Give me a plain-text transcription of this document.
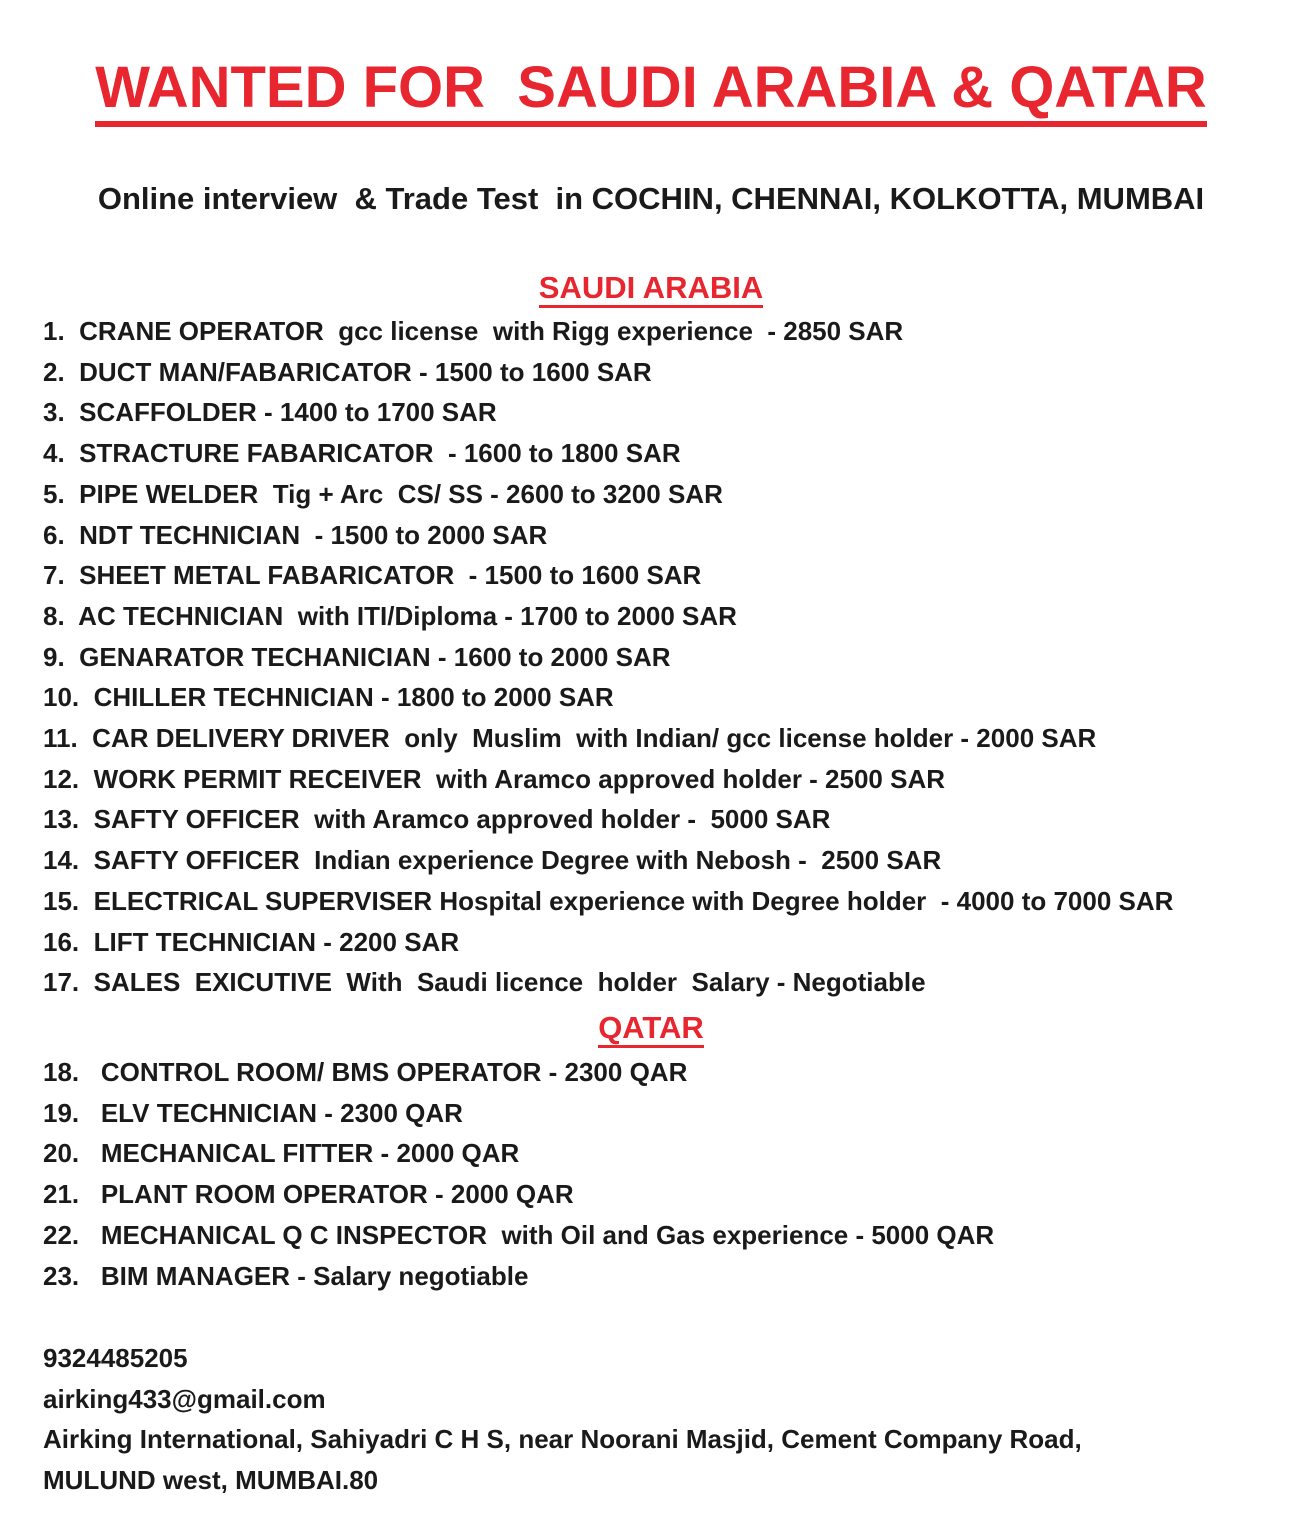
WANTED FOR  SAUDI ARABIA & QATAR
Online interview  & Trade Test  in COCHIN, CHENNAI, KOLKOTTA, MUMBAI
SAUDI ARABIA
1. CRANE OPERATOR  gcc license  with Rigg experience  - 2850 SAR
2. DUCT MAN/FABARICATOR - 1500 to 1600 SAR
3. SCAFFOLDER - 1400 to 1700 SAR
4. STRACTURE FABARICATOR  - 1600 to 1800 SAR
5. PIPE WELDER  Tig + Arc  CS/ SS - 2600 to 3200 SAR
6. NDT TECHNICIAN  - 1500 to 2000 SAR
7. SHEET METAL FABARICATOR  - 1500 to 1600 SAR
8. AC TECHNICIAN  with ITI/Diploma - 1700 to 2000 SAR
9. GENARATOR TECHANICIAN - 1600 to 2000 SAR
10. CHILLER TECHNICIAN - 1800 to 2000 SAR
11. CAR DELIVERY DRIVER  only  Muslim  with Indian/ gcc license holder - 2000 SAR
12. WORK PERMIT RECEIVER  with Aramco approved holder - 2500 SAR
13. SAFTY OFFICER  with Aramco approved holder -  5000 SAR
14. SAFTY OFFICER  Indian experience Degree with Nebosh -  2500 SAR
15. ELECTRICAL SUPERVISER Hospital experience with Degree holder  - 4000 to 7000 SAR
16. LIFT TECHNICIAN - 2200 SAR
17. SALES  EXICUTIVE  With  Saudi licence  holder  Salary - Negotiable
QATAR
18. CONTROL ROOM/ BMS OPERATOR - 2300 QAR
19. ELV TECHNICIAN - 2300 QAR
20. MECHANICAL FITTER - 2000 QAR
21. PLANT ROOM OPERATOR - 2000 QAR
22. MECHANICAL Q C INSPECTOR  with Oil and Gas experience - 5000 QAR
23. BIM MANAGER - Salary negotiable
9324485205
airking433@gmail.com
Airking International, Sahiyadri C H S, near Noorani Masjid, Cement Company Road,
MULUND west, MUMBAI.80
